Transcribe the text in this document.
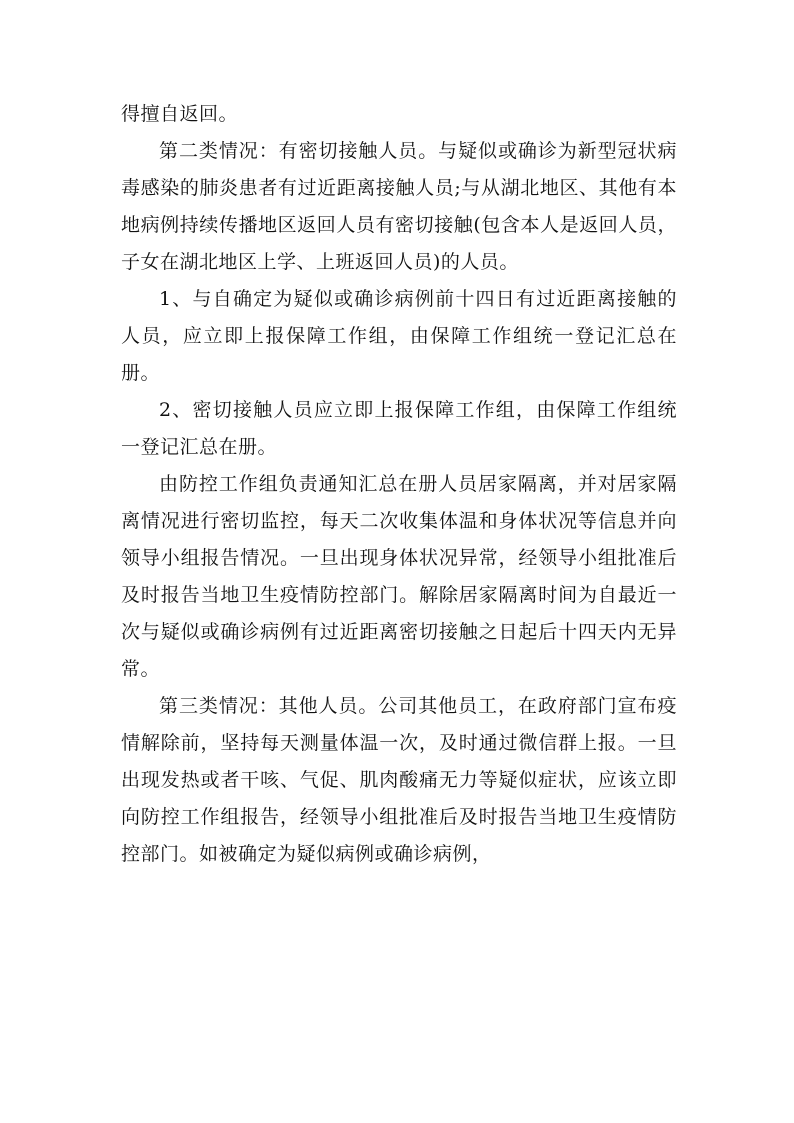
得擅自返回。

第二类情况：有密切接触人员。与疑似或确诊为新型冠状病毒感染的肺炎患者有过近距离接触人员;与从湖北地区、其他有本地病例持续传播地区返回人员有密切接触(包含本人是返回人员，子女在湖北地区上学、上班返回人员)的人员。

1、与自确定为疑似或确诊病例前十四日有过近距离接触的人员，应立即上报保障工作组，由保障工作组统一登记汇总在册。

2、密切接触人员应立即上报保障工作组，由保障工作组统一登记汇总在册。

由防控工作组负责通知汇总在册人员居家隔离，并对居家隔离情况进行密切监控，每天二次收集体温和身体状况等信息并向领导小组报告情况。一旦出现身体状况异常，经领导小组批准后及时报告当地卫生疫情防控部门。解除居家隔离时间为自最近一次与疑似或确诊病例有过近距离密切接触之日起后十四天内无异常。

第三类情况：其他人员。公司其他员工，在政府部门宣布疫情解除前，坚持每天测量体温一次，及时通过微信群上报。一旦出现发热或者干咳、气促、肌肉酸痛无力等疑似症状，应该立即向防控工作组报告，经领导小组批准后及时报告当地卫生疫情防控部门。如被确定为疑似病例或确诊病例，
